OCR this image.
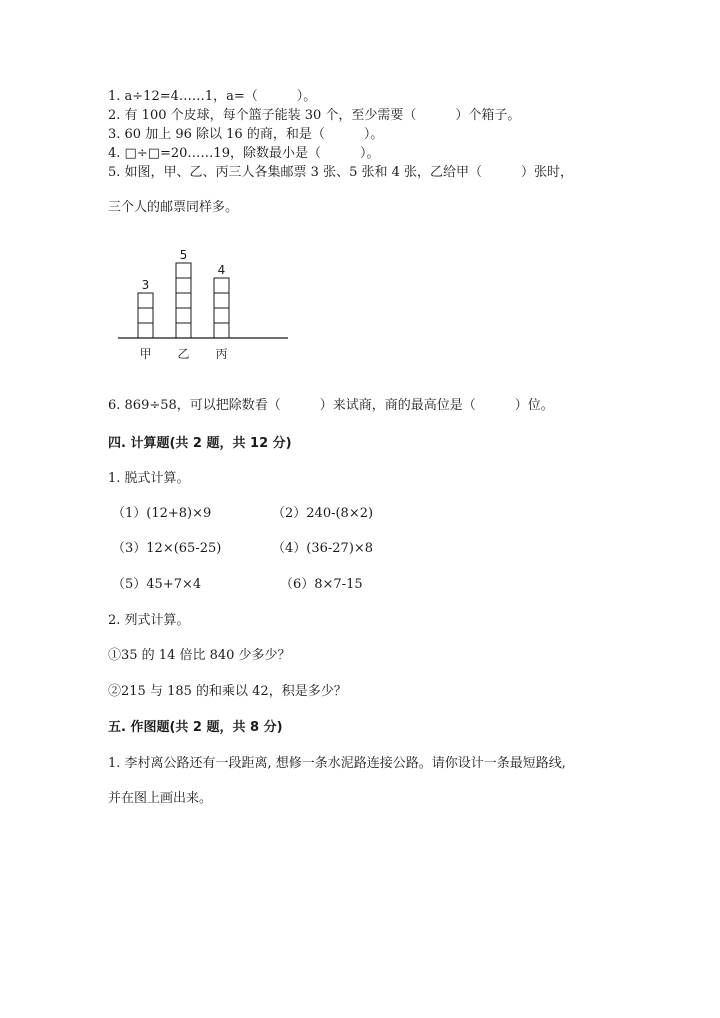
1. a÷12=4……1，a=（　　　）。
2. 有 100 个皮球，每个篮子能装 30 个，至少需要（　　　）个箱子。
3. 60 加上 96 除以 16 的商，和是（　　　）。
4. □÷□=20……19，除数最小是（　　　）。
5. 如图，甲、乙、丙三人各集邮票 3 张、5 张和 4 张，乙给甲（　　　）张时，
三个人的邮票同样多。
3
甲
5
乙
4
丙
6. 869÷58，可以把除数看（　　　）来试商，商的最高位是（　　　）位。
四. 计算题(共 2 题，共 12 分)
1. 脱式计算。
（1）(12+8)×9	（2）240-(8×2)
（3）12×(65-25)	（4）(36-27)×8
（5）45+7×4	（6）8×7-15
2. 列式计算。
①35 的 14 倍比 840 少多少？
②215 与 185 的和乘以 42，积是多少？
五. 作图题(共 2 题，共 8 分)
1. 李村离公路还有一段距离, 想修一条水泥路连接公路。请你设计一条最短路线,
并在图上画出来。
